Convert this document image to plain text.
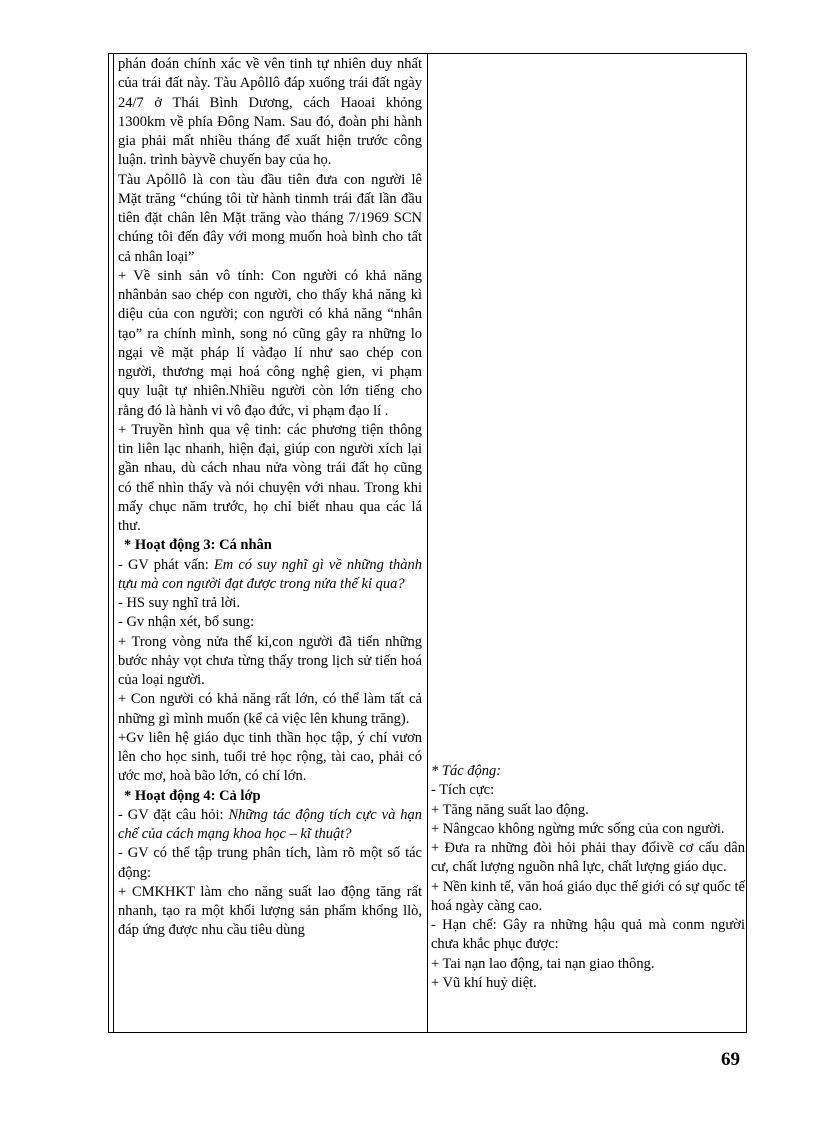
phán đoán chính xác về vên tinh tự nhiên duy nhất của trái đất này. Tàu Apôllô đáp xuống trái đất ngày 24/7 ở Thái Bình Dương, cách Haoai khỏng 1300km về phía Đông Nam. Sau đó, đoàn phi hành gia phải mất nhiều tháng để xuất hiện trước công luận. trình bàyvề chuyến bay của họ.

Tàu Apôllô là con tàu đầu tiên đưa con người lê Mặt trăng “chúng tôi từ hành tinmh trái đất lần đầu tiên đặt chân lên Mặt trăng vào tháng 7/1969 SCN chúng tôi đến đây với mong muốn hoà bình cho tất cả nhân loại”

+ Về sinh sản vô tính: Con người có khả năng nhânbản sao chép con người, cho thấy khả năng kì diệu của con người; con người có khả năng “nhân tạo” ra chính mình, song nó cũng gây ra những lo ngại về mặt pháp lí vàđạo lí như sao chép con người, thương mại hoá công nghệ gien, vi phạm quy luật tự nhiên.Nhiều người còn lớn tiếng cho rằng đó là hành vi vô đạo đức, vi phạm đạo lí .

+ Truyền hình qua vệ tinh: các phương tiện thông tin liên lạc nhanh, hiện đại, giúp con người xích lại gần nhau, dù cách nhau nửa vòng trái đất họ cũng có thể nhìn thấy và nói chuyện với nhau. Trong khi mấy chục năm trước, họ chỉ biết nhau qua các lá thư.

* Hoạt động 3: Cá nhân

- GV phát vấn: Em có suy nghĩ gì về những thành tựu mà con người đạt được trong nửa thế kỉ qua?

- HS suy nghĩ trả lời.

- Gv nhận xét, bổ sung:

+ Trong vòng nửa thế kỉ,con người đã tiến những bước nhảy vọt chưa từng thấy trong lịch sử tiến hoá của loại người.

+ Con người có khả năng rất lớn, có thể làm tất cả những gì mình muốn (kể cả việc lên khung trăng).

+Gv liên hệ giáo dục tinh thần học tập, ý chí vươn lên cho học sinh, tuổi trẻ học rộng, tài cao, phải có ước mơ, hoà bão lớn, có chí lớn.

* Hoạt động 4: Cả lớp

- GV đặt câu hỏi: Những tác động tích cực và hạn chế của cách mạng khoa học – kĩ thuật?

- GV có thể tập trung phân tích, làm rõ một số tác động:

+ CMKHKT làm cho năng suất lao động tăng rất nhanh, tạo ra một khối lượng sản phẩm khổng llò, đáp ứng được nhu cầu tiêu dùng

* Tác động:

- Tích cực:

+ Tăng năng suất lao động.

+ Nângcao không ngừng mức sống của con người.

+ Đưa ra những đòi hỏi phải thay đổivề cơ cấu dân cư, chất lượng nguồn nhâ lực, chất lượng giáo dục.

+ Nền kinh tế, văn hoá giáo dục thế giới có sự quốc tế hoá ngày càng cao.

- Hạn chế: Gây ra những hậu quả mà conm người chưa khắc phục được:

+ Tai nạn lao động, tai nạn giao thông.

+ Vũ khí huỷ diệt.

69
